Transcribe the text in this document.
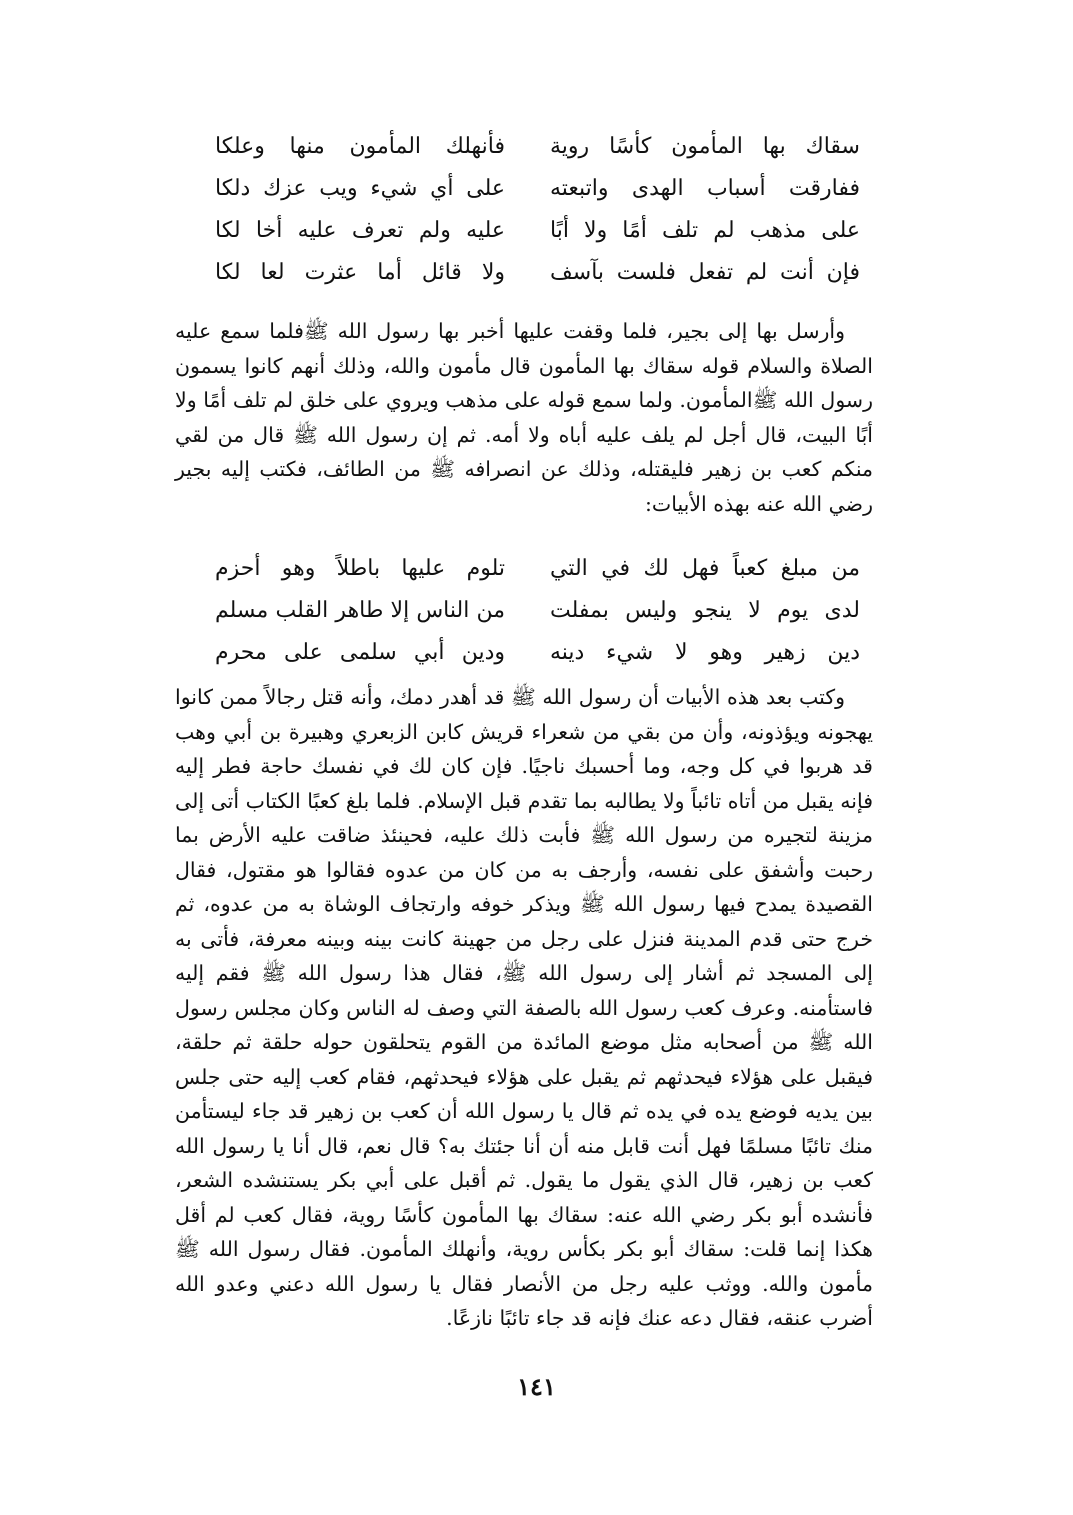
سقاك بها المأمون كأسًا روية
فأنهلك المأمون منها وعلكا
ففارقت أسباب الهدى واتبعته
على أي شيء ويب عزك دلكا
على مذهب لم تلف أمًا ولا أبًا
عليه ولم تعرف عليه أخا لكا
فإن أنت لم تفعل فلست بآسف
ولا قائل أما عثرت لعا لكا

وأرسل بها إلى بجير، فلما وقفت عليها أخبر بها رسول الله ﷺفلما سمع عليه الصلاة والسلام قوله سقاك بها المأمون قال مأمون والله، وذلك أنهم كانوا يسمون رسول الله ﷺالمأمون. ولما سمع قوله على مذهب ويروي على خلق لم تلف أمًا ولا أبًا البيت، قال أجل لم يلف عليه أباه ولا أمه. ثم إن رسول الله ﷺ قال من لقي منكم كعب بن زهير فليقتله، وذلك عن انصرافه ﷺ من الطائف، فكتب إليه بجير رضي الله عنه بهذه الأبيات:

من مبلغ كعباً فهل لك في التي
تلوم عليها باطلاً وهو أحزم
لدى يوم لا ينجو وليس بمفلت
من الناس إلا طاهر القلب مسلم
دين زهير وهو لا شيء دينه
ودين أبي سلمى على محرم

وكتب بعد هذه الأبيات أن رسول الله ﷺ قد أهدر دمك، وأنه قتل رجالاً ممن كانوا يهجونه ويؤذونه، وأن من بقي من شعراء قريش كابن الزبعري وهبيرة بن أبي وهب قد هربوا في كل وجه، وما أحسبك ناجيًا. فإن كان لك في نفسك حاجة فطر إليه فإنه يقبل من أتاه تائباً ولا يطالبه بما تقدم قبل الإسلام. فلما بلغ كعبًا الكتاب أتى إلى مزينة لتجيره من رسول الله ﷺ فأبت ذلك عليه، فحينئذ ضاقت عليه الأرض بما رحبت وأشفق على نفسه، وأرجف به من كان من عدوه فقالوا هو مقتول، فقال القصيدة يمدح فيها رسول الله ﷺ ويذكر خوفه وارتجاف الوشاة به من عدوه، ثم خرج حتى قدم المدينة فنزل على رجل من جهينة كانت بينه وبينه معرفة، فأتى به إلى المسجد ثم أشار إلى رسول الله ﷺ، فقال هذا رسول الله ﷺ فقم إليه فاستأمنه. وعرف كعب رسول الله بالصفة التي وصف له الناس وكان مجلس رسول الله ﷺ من أصحابه مثل موضع المائدة من القوم يتحلقون حوله حلقة ثم حلقة، فيقبل على هؤلاء فيحدثهم ثم يقبل على هؤلاء فيحدثهم، فقام كعب إليه حتى جلس بين يديه فوضع يده في يده ثم قال يا رسول الله أن كعب بن زهير قد جاء ليستأمن منك تائبًا مسلمًا فهل أنت قابل منه أن أنا جئتك به؟ قال نعم، قال أنا يا رسول الله كعب بن زهير، قال الذي يقول ما يقول. ثم أقبل على أبي بكر يستنشده الشعر، فأنشده أبو بكر رضي الله عنه: سقاك بها المأمون كأسًا روية، فقال كعب لم أقل هكذا إنما قلت: سقاك أبو بكر بكأس روية، وأنهلك المأمون. فقال رسول الله ﷺ مأمون والله. ووثب عليه رجل من الأنصار فقال يا رسول الله دعني وعدو الله أضرب عنقه، فقال دعه عنك فإنه قد جاء تائبًا نازعًا.

١٤١
